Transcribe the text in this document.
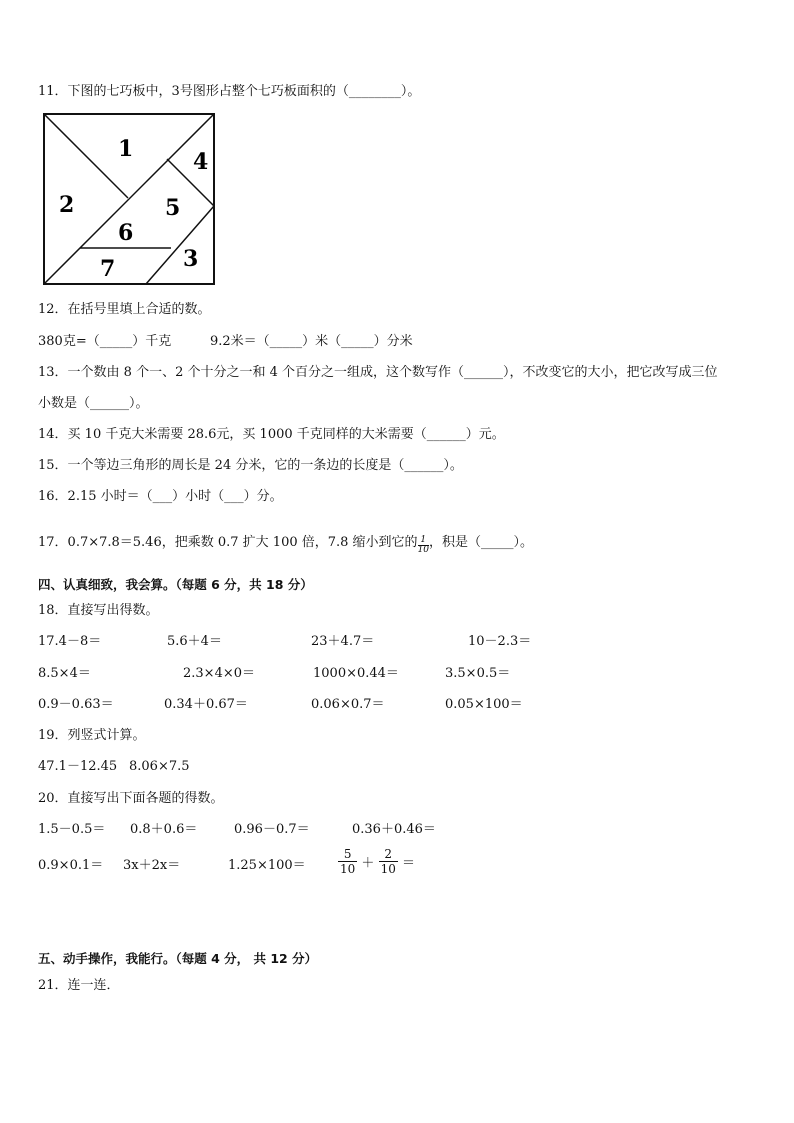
11．下图的七巧板中，3号图形占整个七巧板面积的（________）。
1
2
3
4
5
6
7
12．在括号里填上合适的数。
380克=（_____）千克	9.2米＝（_____）米（_____）分米
13．一个数由 8 个一、2 个十分之一和 4 个百分之一组成，这个数写作（______），不改变它的大小，把它改写成三位
小数是（______）。
14．买 10 千克大米需要 28.6元，买 1000 千克同样的大米需要（______）元。
15．一个等边三角形的周长是 24 分米，它的一条边的长度是（______）。
16．2.15 小时＝（___）小时（___）分。
17．0.7×7.8＝5.46，把乘数 0.7 扩大 100 倍，7.8 缩小到它的 $\frac{1}{10}$ ，积是（_____）。
四、认真细致，我会算。（每题 6 分，共 18 分）
18．直接写出得数。
17.4－8＝	5.6＋4＝	23＋4.7＝	10－2.3＝
8.5×4＝	2.3×4×0＝	1000×0.44＝	3.5×0.5＝
0.9－0.63＝	0.34＋0.67＝	0.06×0.7＝	0.05×100＝
19．列竖式计算。
47.1－12.45 8.06×7.5
20．直接写出下面各题的得数。
1.5－0.5＝ 0.8＋0.6＝	0.96－0.7＝	0.36＋0.46＝
0.9×0.1＝ 3x＋2x＝	1.25×100＝	$\frac{5}{10} + \frac{2}{10}$ ＝
五、动手操作，我能行。（每题 4 分， 共 12 分）
21．连一连．
